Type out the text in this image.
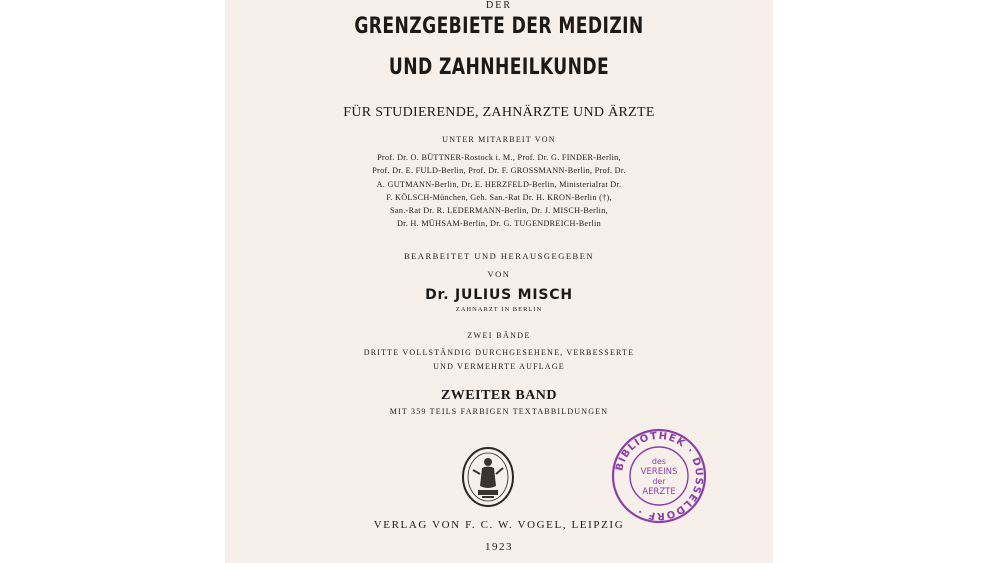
DER
GRENZGEBIETE DER MEDIZIN
UND ZAHNHEILKUNDE
FÜR STUDIERENDE, ZAHNÄRZTE UND ÄRZTE
UNTER MITARBEIT VON
Prof. Dr. O. BÜTTNER-Rostock i. M., Prof. Dr. G. FINDER-Berlin,
Prof. Dr. E. FULD-Berlin, Prof. Dr. F. GROSSMANN-Berlin, Prof. Dr.
A. GUTMANN-Berlin, Dr. E. HERZFELD-Berlin, Ministerialrat Dr.
F. KÖLSCH-München, Geh. San.-Rat Dr. H. KRON-Berlin (†),
San.-Rat Dr. R. LEDERMANN-Berlin, Dr. J. MISCH-Berlin,
Dr. H. MÜHSAM-Berlin, Dr. G. TUGENDREICH-Berlin
BEARBEITET UND HERAUSGEGEBEN
VON
Dr. JULIUS MISCH
ZAHNARZT IN BERLIN
ZWEI BÄNDE
DRITTE VOLLSTÄNDIG DURCHGESEHENE, VERBESSERTE
UND VERMEHRTE AUFLAGE
ZWEITER BAND
MIT 359 TEILS FARBIGEN TEXTABBILDUNGEN
BIBLIOTHEK · DÜSSELDORF ·
des
VEREINS
der
AERZTE
VERLAG VON F. C. W. VOGEL, LEIPZIG
1923
